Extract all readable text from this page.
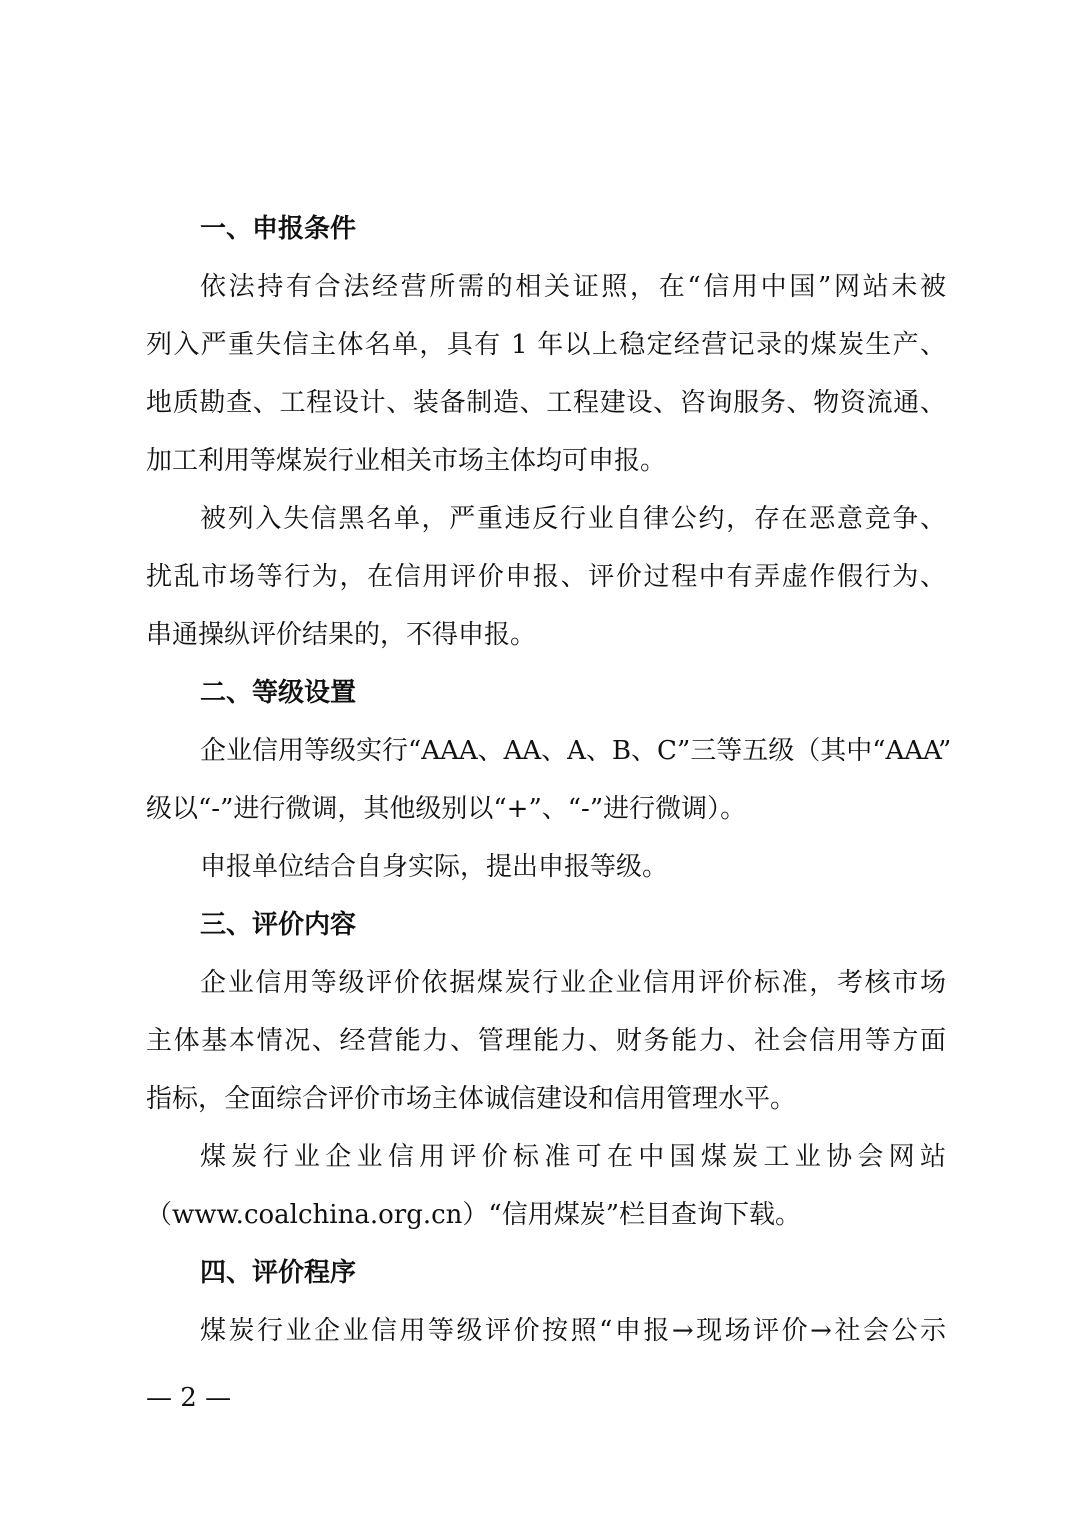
一、申报条件

依法持有合法经营所需的相关证照，在“信用中国”网站未被
列入严重失信主体名单，具有 1 年以上稳定经营记录的煤炭生产、
地质勘查、工程设计、装备制造、工程建设、咨询服务、物资流通、
加工利用等煤炭行业相关市场主体均可申报。

被列入失信黑名单，严重违反行业自律公约，存在恶意竞争、
扰乱市场等行为，在信用评价申报、评价过程中有弄虚作假行为、
串通操纵评价结果的，不得申报。

二、等级设置

企业信用等级实行“AAA、AA、A、B、C”三等五级（其中“AAA”
级以“-”进行微调，其他级别以“+”、“-”进行微调）。

申报单位结合自身实际，提出申报等级。

三、评价内容

企业信用等级评价依据煤炭行业企业信用评价标准，考核市场
主体基本情况、经营能力、管理能力、财务能力、社会信用等方面
指标，全面综合评价市场主体诚信建设和信用管理水平。

煤炭行业企业信用评价标准可在中国煤炭工业协会网站
（www.coalchina.org.cn）“信用煤炭”栏目查询下载。

四、评价程序

煤炭行业企业信用等级评价按照“申报→现场评价→社会公示

— 2 —
